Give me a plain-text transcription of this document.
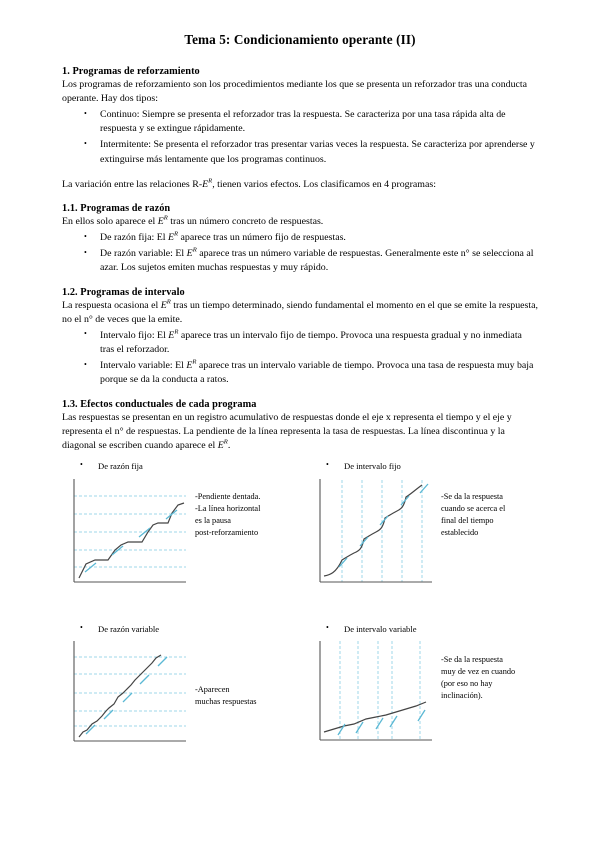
Tema 5: Condicionamiento operante (II)
1. Programas de reforzamiento

Los programas de reforzamiento son los procedimientos mediante los que se presenta un reforzador tras una conducta operante. Hay dos tipos:

• Continuo: Siempre se presenta el reforzador tras la respuesta. Se caracteriza por una tasa rápida alta de respuesta y se extingue rápidamente.
• Intermitente: Se presenta el reforzador tras presentar varias veces la respuesta. Se caracteriza por aprenderse y extinguirse más lentamente que los programas continuos.

La variación entre las relaciones $R-E^R$, tienen varios efectos. Los clasificamos en 4 programas:

1.1. Programas de razón

En ellos solo aparece el $E^R$ tras un número concreto de respuestas.

• De razón fija: El $E^R$ aparece tras un número fijo de respuestas.
• De razón variable: El $E^R$ aparece tras un número variable de respuestas. Generalmente este n° se selecciona al azar. Los sujetos emiten muchas respuestas y muy rápido.
1.2. Programas de intervalo

La respuesta ocasiona el $E^R$ tras un tiempo determinado, siendo fundamental el momento en el que se emite la respuesta, no el n° de veces que la emite.

• Intervalo fijo: El $E^R$ aparece tras un intervalo fijo de tiempo. Provoca una respuesta gradual y no inmediata tras el reforzador.
• Intervalo variable: El $E^R$ aparece tras un intervalo variable de tiempo. Provoca una tasa de respuesta muy baja porque se da la conducta a ratos.
1.3. Efectos conductuales de cada programa

Las respuestas se presentan en un registro acumulativo de respuestas donde el eje x representa el tiempo y el eje y representa el n° de respuestas. La pendiente de la línea representa la tasa de respuestas. La línea discontinua y la diagonal se escriben cuando aparece el $E^R$.

• De razón fija
-Pendiente dentada.
-La línea horizontal
es la pausa
post-reforzamiento
• De intervalo fijo
-Se da la respuesta
cuando se acerca el
final del tiempo
establecido
• De razón variable
-Aparecen
muchas respuestas
• De intervalo variable
-Se da la respuesta
muy de vez en cuando
(por eso no hay
inclinación).
